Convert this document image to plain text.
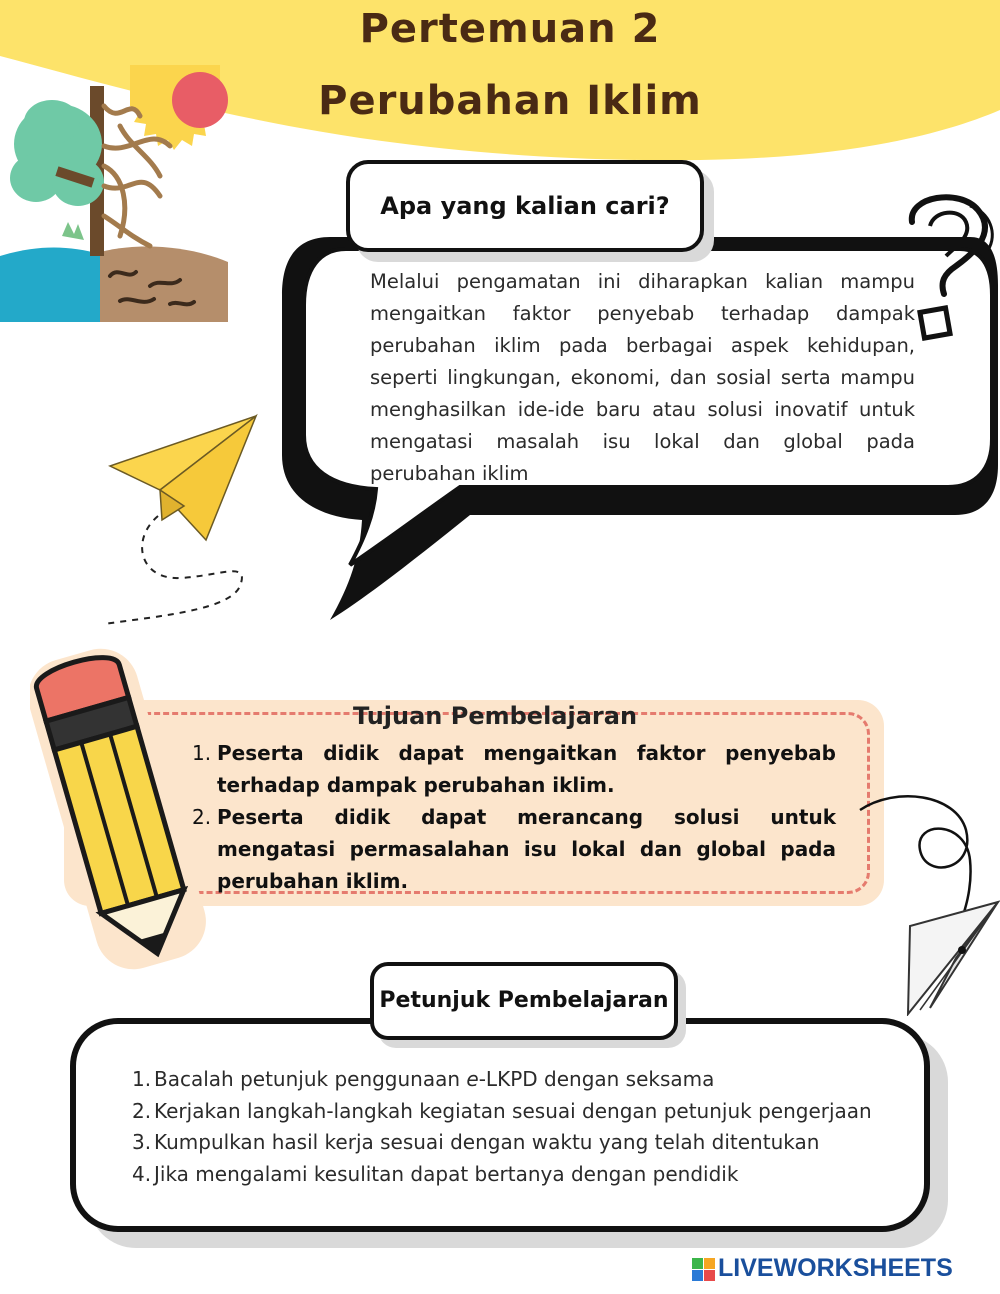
Pertemuan 2
Perubahan Iklim
Apa yang kalian cari?
Melalui pengamatan ini diharapkan kalian mampu mengaitkan faktor penyebab terhadap dampak perubahan iklim pada berbagai aspek kehidupan, seperti lingkungan, ekonomi, dan sosial serta mampu menghasilkan ide-ide baru atau solusi inovatif untuk mengatasi masalah isu lokal dan global pada perubahan iklim
Tujuan Pembelajaran
1. Peserta didik dapat mengaitkan faktor penyebab terhadap dampak perubahan iklim.
2. Peserta didik dapat merancang solusi untuk mengatasi permasalahan isu lokal dan global pada perubahan iklim.
Petunjuk Pembelajaran
1. Bacalah petunjuk penggunaan e-LKPD dengan seksama
2. Kerjakan langkah-langkah kegiatan sesuai dengan petunjuk pengerjaan
3. Kumpulkan hasil kerja sesuai dengan waktu yang telah ditentukan
4. Jika mengalami kesulitan dapat bertanya dengan pendidik
LIVEWORKSHEETS
